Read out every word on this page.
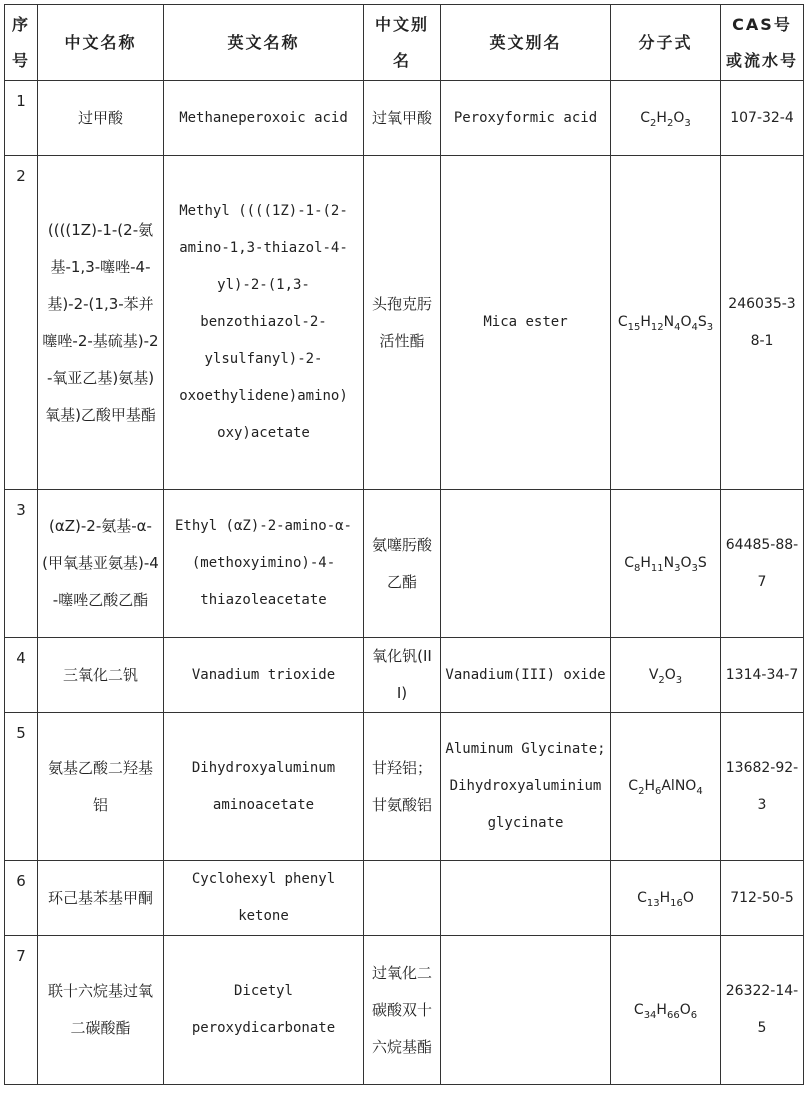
序号	中文名称	英文名称	中文别名	英文别名	分子式	CAS号或流水号
1	过甲酸	Methaneperoxoic acid	过氧甲酸	Peroxyformic acid	$C_2H_2O_3$	107-32-4
2	((((1Z)-1-(2-氨基-1,3-噻唑-4-基)-2-(1,3-苯并噻唑-2-基硫基)-2-氧亚乙基)氨基)氧基)乙酸甲基酯	Methyl ((((1Z)-1-(2-amino-1,3-thiazol-4-yl)-2-(1,3-benzothiazol-2-ylsulfanyl)-2-oxoethylidene)amino) oxy)acetate	头孢克肟活性酯	Mica ester	$C_{15}H_{12}N_4O_4S_3$	246035-38-1
3	(αZ)-2-氨基-α-(甲氧基亚氨基)-4-噻唑乙酸乙酯	Ethyl (αZ)-2-amino-α-(methoxyimino)-4-thiazoleacetate	氨噻肟酸乙酯		$C_8H_{11}N_3O_3S$	64485-88-7
4	三氧化二钒	Vanadium trioxide	氧化钒(III)	Vanadium(III) oxide	$V_2O_3$	1314-34-7
5	氨基乙酸二羟基铝	Dihydroxyaluminum aminoacetate	甘羟铝；甘氨酸铝	Aluminum Glycinate; Dihydroxyaluminium glycinate	$C_2H_6AlNO_4$	13682-92-3
6	环己基苯基甲酮	Cyclohexyl phenyl ketone			$C_{13}H_{16}O$	712-50-5
7	联十六烷基过氧二碳酸酯	Dicetyl peroxydicarbonate	过氧化二碳酸双十六烷基酯		$C_{34}H_{66}O_6$	26322-14-5
